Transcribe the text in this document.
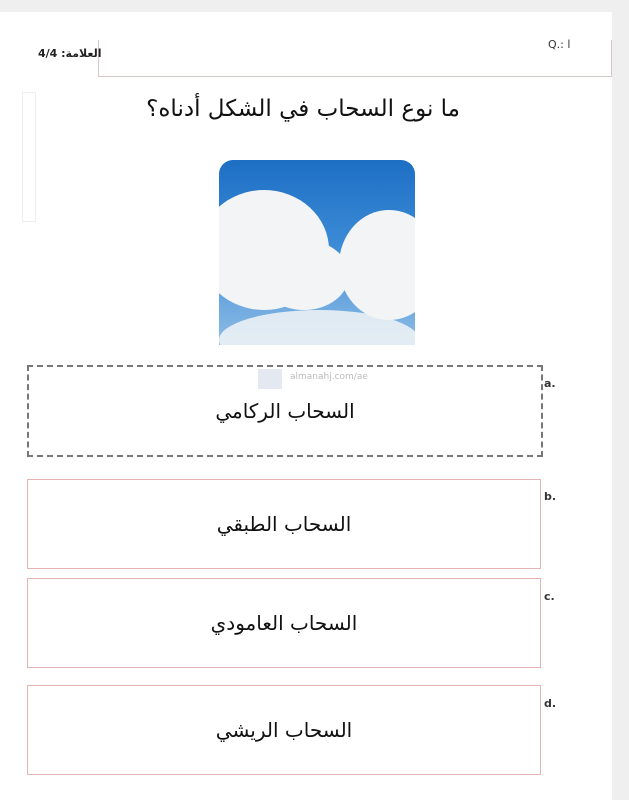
Q.: ا
العلامة: 4/4
ما نوع السحاب في الشكل أدناه؟
almanahj.com/ae
السحاب الركامي
a.
السحاب الطبقي
b.
السحاب العامودي
c.
السحاب الريشي
d.
